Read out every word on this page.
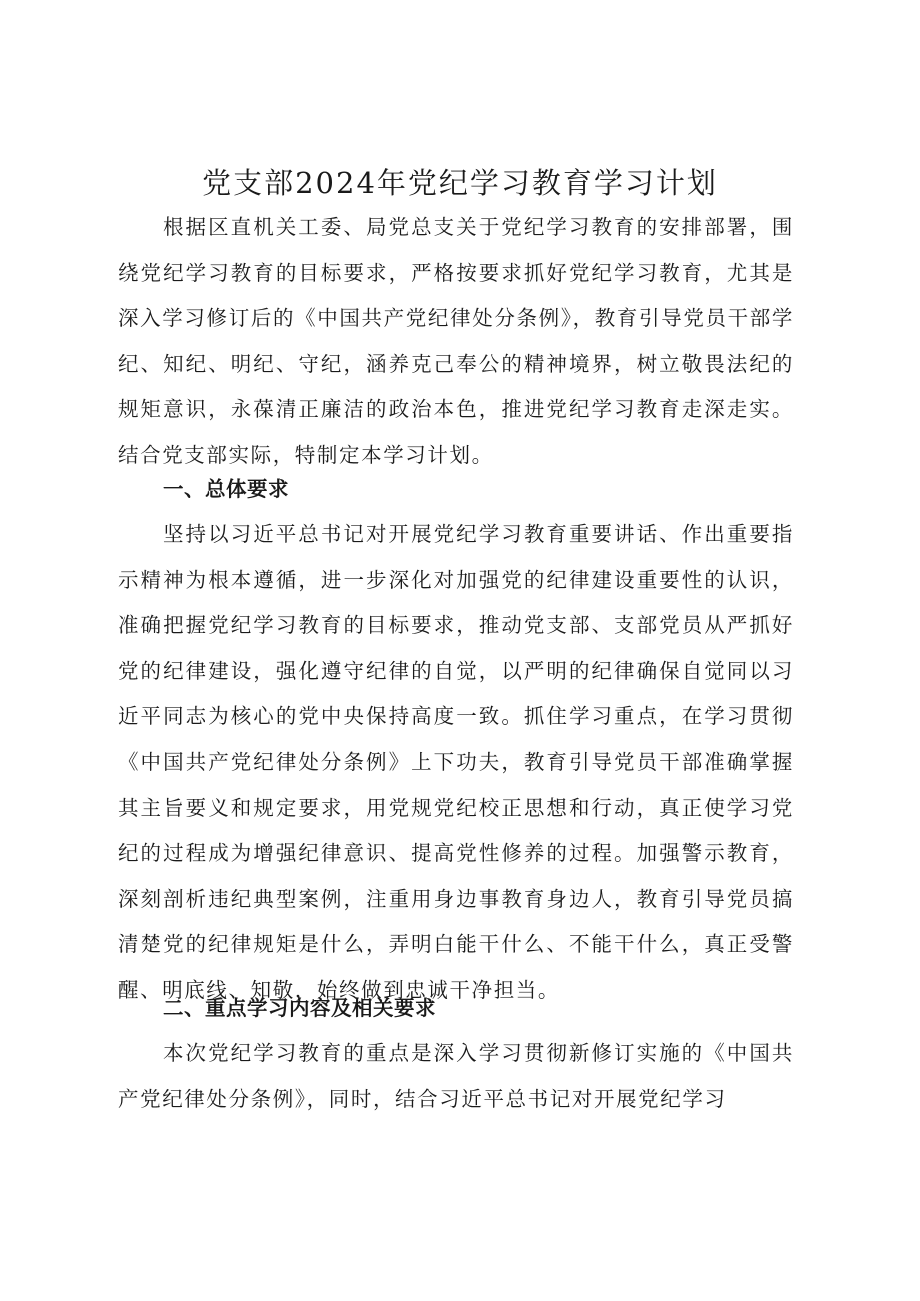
党支部2024年党纪学习教育学习计划

根据区直机关工委、局党总支关于党纪学习教育的安排部署，围绕党纪学习教育的目标要求，严格按要求抓好党纪学习教育，尤其是深入学习修订后的《中国共产党纪律处分条例》，教育引导党员干部学纪、知纪、明纪、守纪，涵养克己奉公的精神境界，树立敬畏法纪的规矩意识，永葆清正廉洁的政治本色，推进党纪学习教育走深走实。结合党支部实际，特制定本学习计划。

一、总体要求

坚持以习近平总书记对开展党纪学习教育重要讲话、作出重要指示精神为根本遵循，进一步深化对加强党的纪律建设重要性的认识，准确把握党纪学习教育的目标要求，推动党支部、支部党员从严抓好党的纪律建设，强化遵守纪律的自觉，以严明的纪律确保自觉同以习近平同志为核心的党中央保持高度一致。抓住学习重点，在学习贯彻《中国共产党纪律处分条例》上下功夫，教育引导党员干部准确掌握其主旨要义和规定要求，用党规党纪校正思想和行动，真正使学习党纪的过程成为增强纪律意识、提高党性修养的过程。加强警示教育，深刻剖析违纪典型案例，注重用身边事教育身边人，教育引导党员搞清楚党的纪律规矩是什么，弄明白能干什么、不能干什么，真正受警醒、明底线、知敬，始终做到忠诚干净担当。

二、重点学习内容及相关要求

本次党纪学习教育的重点是深入学习贯彻新修订实施的《中国共产党纪律处分条例》，同时，结合习近平总书记对开展党纪学习
